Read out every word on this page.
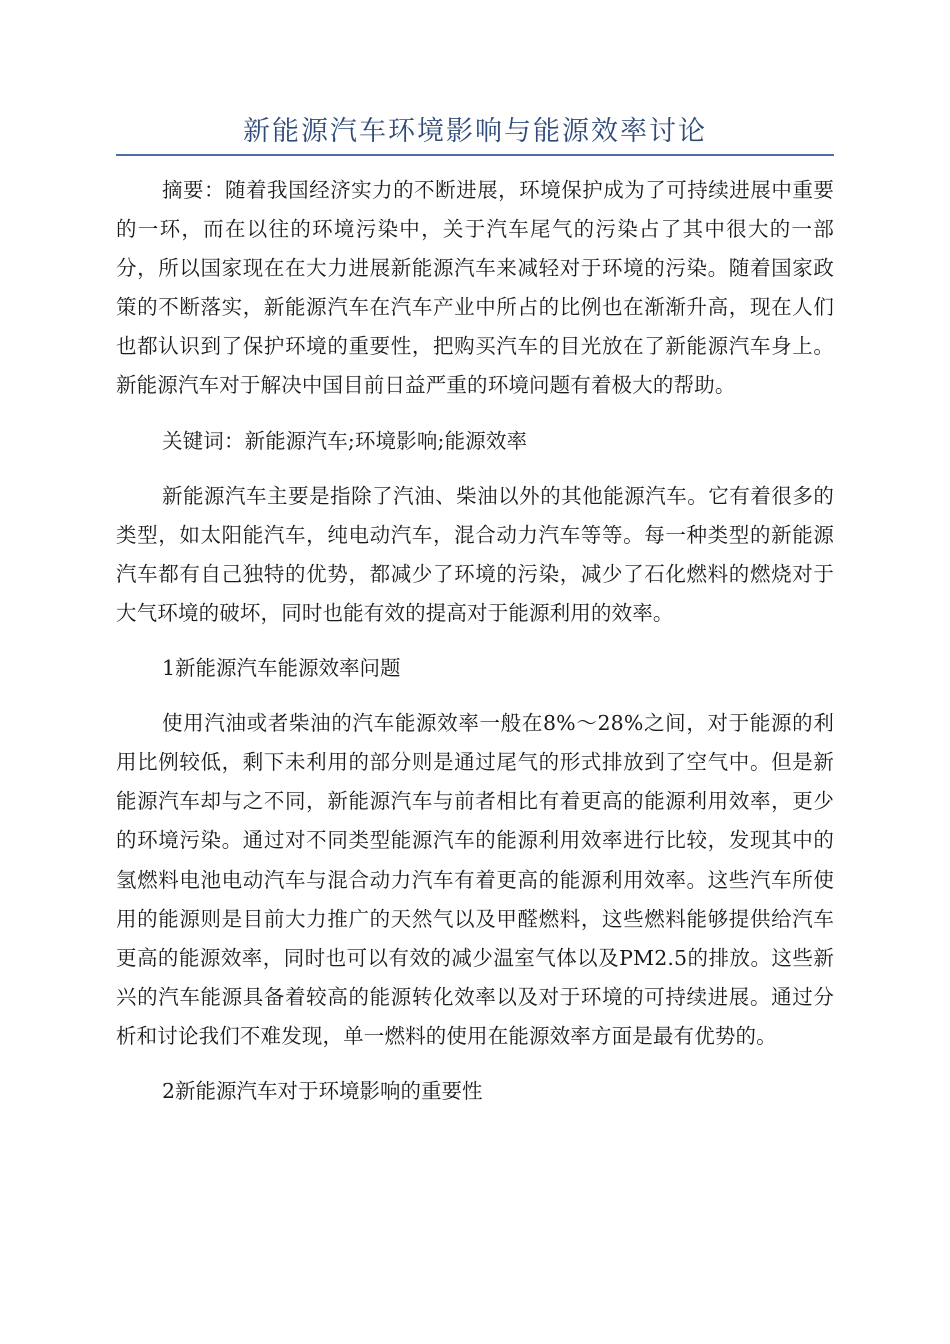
新能源汽车环境影响与能源效率讨论

摘要：随着我国经济实力的不断进展，环境保护成为了可持续进展中重要的一环，而在以往的环境污染中，关于汽车尾气的污染占了其中很大的一部分，所以国家现在在大力进展新能源汽车来减轻对于环境的污染。随着国家政策的不断落实，新能源汽车在汽车产业中所占的比例也在渐渐升高，现在人们也都认识到了保护环境的重要性，把购买汽车的目光放在了新能源汽车身上。新能源汽车对于解决中国目前日益严重的环境问题有着极大的帮助。

关键词：新能源汽车;环境影响;能源效率

新能源汽车主要是指除了汽油、柴油以外的其他能源汽车。它有着很多的类型，如太阳能汽车，纯电动汽车，混合动力汽车等等。每一种类型的新能源汽车都有自己独特的优势，都减少了环境的污染，减少了石化燃料的燃烧对于大气环境的破坏，同时也能有效的提高对于能源利用的效率。

1新能源汽车能源效率问题

使用汽油或者柴油的汽车能源效率一般在8%～28%之间，对于能源的利用比例较低，剩下未利用的部分则是通过尾气的形式排放到了空气中。但是新能源汽车却与之不同，新能源汽车与前者相比有着更高的能源利用效率，更少的环境污染。通过对不同类型能源汽车的能源利用效率进行比较，发现其中的氢燃料电池电动汽车与混合动力汽车有着更高的能源利用效率。这些汽车所使用的能源则是目前大力推广的天然气以及甲醛燃料，这些燃料能够提供给汽车更高的能源效率，同时也可以有效的减少温室气体以及PM2.5的排放。这些新兴的汽车能源具备着较高的能源转化效率以及对于环境的可持续进展。通过分析和讨论我们不难发现，单一燃料的使用在能源效率方面是最有优势的。

2新能源汽车对于环境影响的重要性
